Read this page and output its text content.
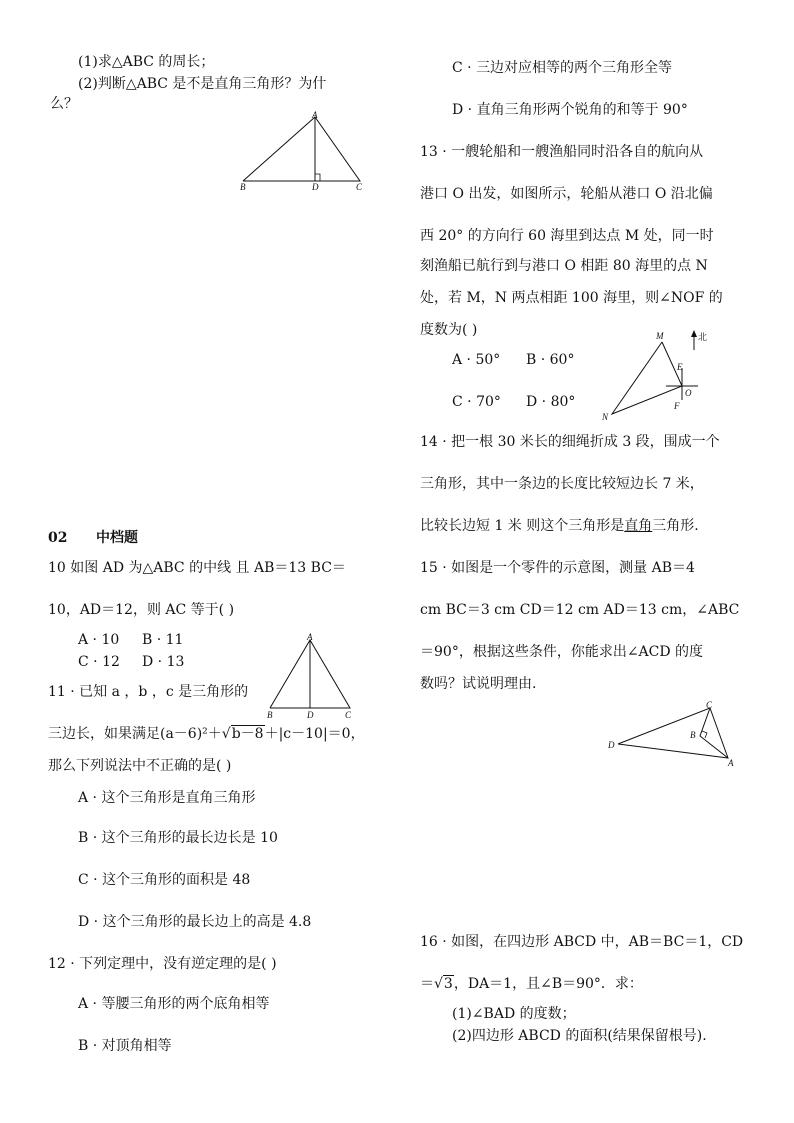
(1)求△ABC 的周长；
(2)判断△ABC 是不是直角三角形？为什
么？
A
B	D	C
02 中档题
10 如图 AD 为△ABC 的中线 且 AB＝13 BC＝
10，AD＝12，则 AC 等于( )
A · 10 B · 11
C · 12 D · 13
A
B	D	C
11 · 已知 a ，b ，c 是三角形的
三边长，如果满足(a－6)²＋√b－8＋|c－10|＝0，
那么下列说法中不正确的是( )
A · 这个三角形是直角三角形
B · 这个三角形的最长边长是 10
C · 这个三角形的面积是 48
D · 这个三角形的最长边上的高是 4.8
12 · 下列定理中，没有逆定理的是( )
A · 等腰三角形的两个底角相等
B · 对顶角相等
C · 三边对应相等的两个三角形全等
D · 直角三角形两个锐角的和等于 90°
13 · 一艘轮船和一艘渔船同时沿各自的航向从
港口 O 出发，如图所示，轮船从港口 O 沿北偏
西 20° 的方向行 60 海里到达点 M 处，同一时
刻渔船已航行到与港口 O 相距 80 海里的点 N
处，若 M，N 两点相距 100 海里，则∠NOF 的
度数为( )
A · 50° B · 60°
C · 70° D · 80°
北
M
E
O
F
N
14 · 把一根 30 米长的细绳折成 3 段，围成一个
三角形，其中一条边的长度比较短边长 7 米，
比较长边短 1 米 则这个三角形是直角三角形.
15 · 如图是一个零件的示意图，测量 AB＝4
cm BC＝3 cm CD＝12 cm AD＝13 cm，∠ABC
＝90°，根据这些条件，你能求出∠ACD 的度
数吗？试说明理由.
C
B
D
A
16 · 如图，在四边形 ABCD 中，AB＝BC＝1，CD
＝√3，DA＝1，且∠B＝90°．求：
(1)∠BAD 的度数；
(2)四边形 ABCD 的面积(结果保留根号).
